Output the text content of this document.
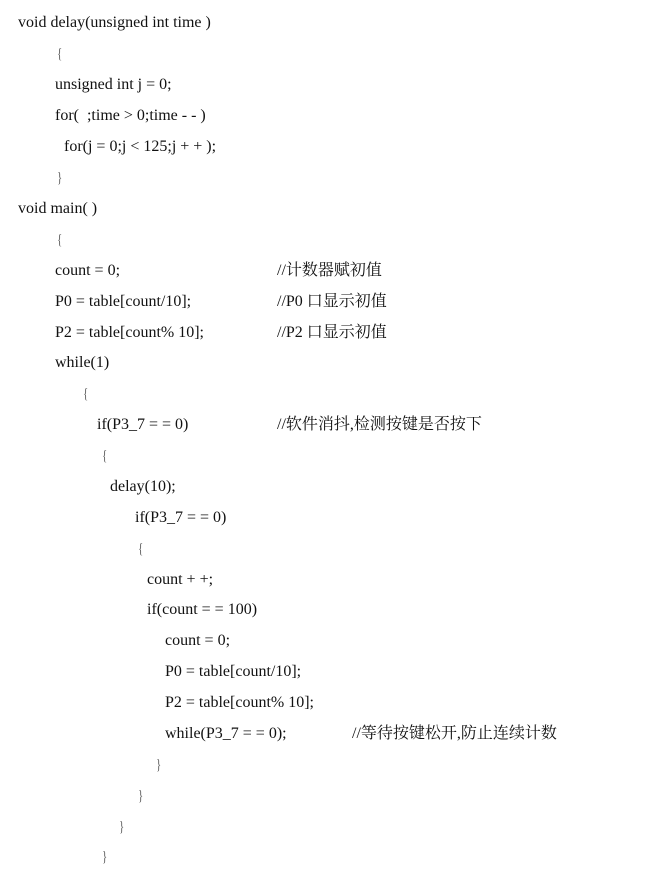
void delay(unsigned int time )

{

unsigned int j = 0;

for(  ;time > 0;time - - )

for(j = 0;j < 125;j + + );

}

void main( )

{

count = 0;

	//计数器赋初值

P0 = table[count/10];

	//P0 口显示初值

P2 = table[count% 10];

	//P2 口显示初值

while(1)

{

if(P3_7 = = 0)

	//软件消抖,检测按键是否按下

{

delay(10);

if(P3_7 = = 0)

{

count + +;

if(count = = 100)

count = 0;

P0 = table[count/10];

P2 = table[count% 10];

while(P3_7 = = 0);

	//等待按键松开,防止连续计数

}

}

}

}
